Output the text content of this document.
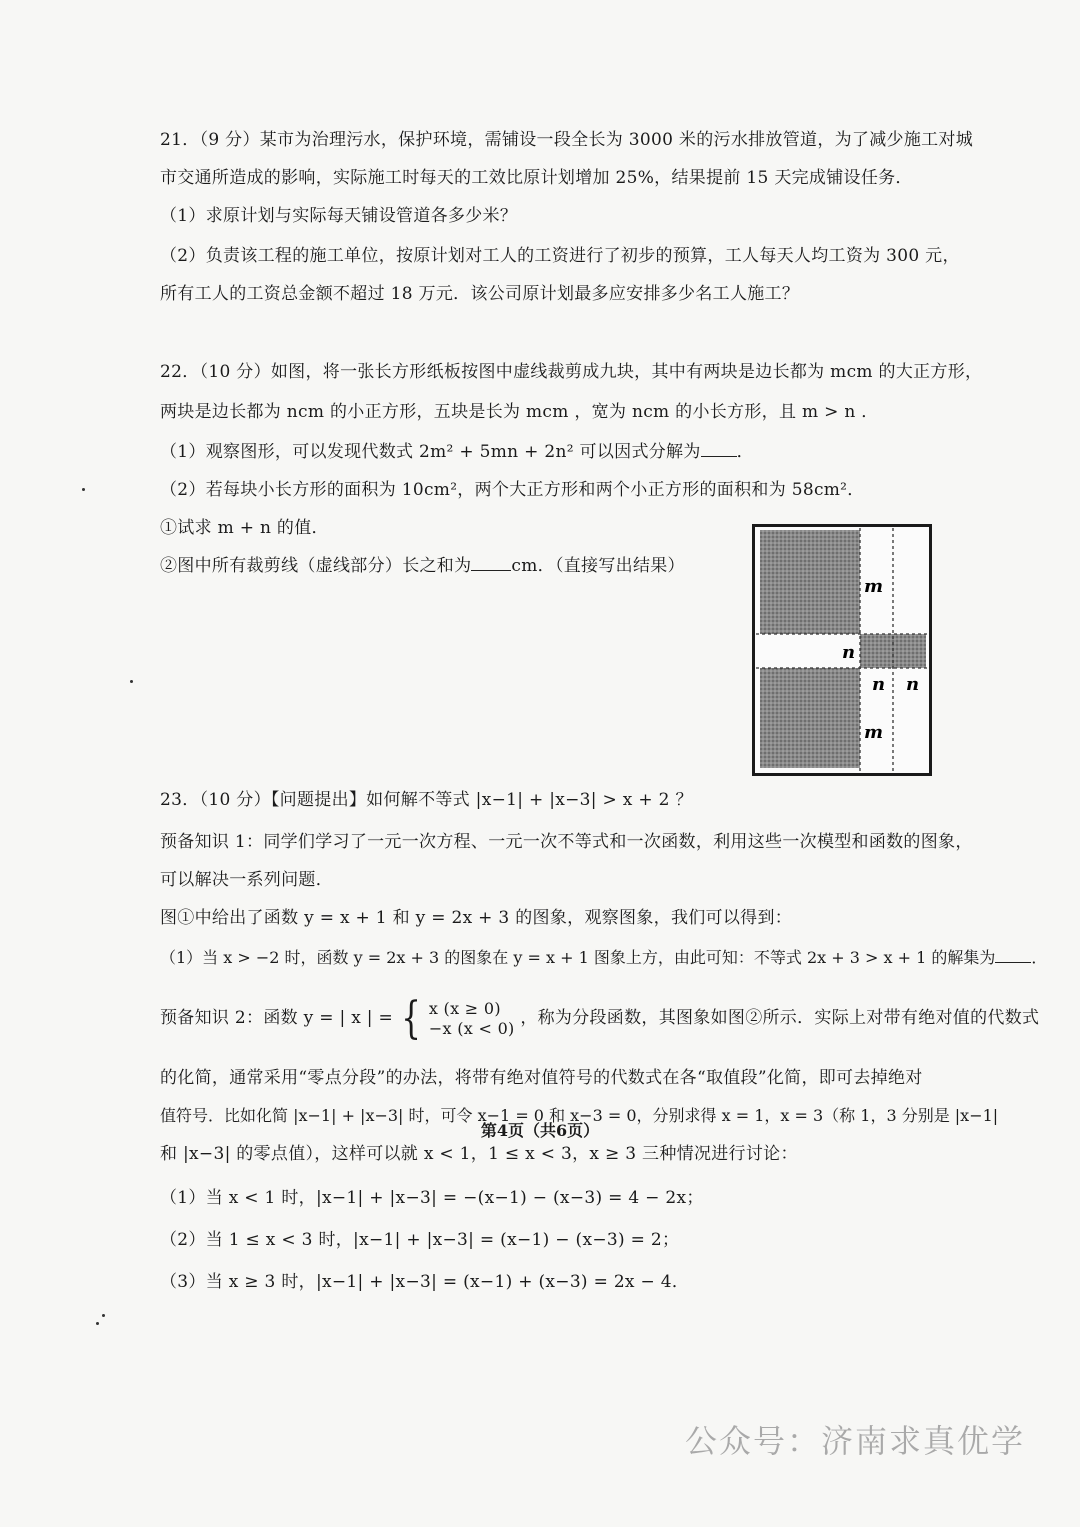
21．（9 分）某市为治理污水，保护环境，需铺设一段全长为 3000 米的污水排放管道，为了减少施工对城
市交通所造成的影响，实际施工时每天的工效比原计划增加 25%，结果提前 15 天完成铺设任务．
（1）求原计划与实际每天铺设管道各多少米？
（2）负责该工程的施工单位，按原计划对工人的工资进行了初步的预算，工人每天人均工资为 300 元，
所有工人的工资总金额不超过 18 万元．该公司原计划最多应安排多少名工人施工？
22．（10 分）如图，将一张长方形纸板按图中虚线裁剪成九块，其中有两块是边长都为 mcm 的大正方形，
两块是边长都为 ncm 的小正方形，五块是长为 mcm ，宽为 ncm 的小长方形，且 m > n ．
（1）观察图形，可以发现代数式 2m² + 5mn + 2n² 可以因式分解为 ．
（2）若每块小长方形的面积为 10cm²，两个大正方形和两个小正方形的面积和为 58cm²．
①试求 m + n 的值．
②图中所有裁剪线（虚线部分）长之和为 cm．（直接写出结果）
m
n
n n
m
23．（10 分）【问题提出】如何解不等式 |x−1| + |x−3| > x + 2 ？
预备知识 1：同学们学习了一元一次方程、一元一次不等式和一次函数，利用这些一次模型和函数的图象，
可以解决一系列问题．
图①中给出了函数 y = x + 1 和 y = 2x + 3 的图象，观察图象，我们可以得到：
（1）当 x > −2 时，函数 y = 2x + 3 的图象在 y = x + 1 图象上方，由此可知：不等式 2x + 3 > x + 1 的解集为 ．
预备知识 2：函数 y = | x | = { x (x ≥ 0)
−x (x < 0) ，称为分段函数，其图象如图②所示．实际上对带有绝对值的代数式
的化简，通常采用“零点分段”的办法，将带有绝对值符号的代数式在各“取值段”化简，即可去掉绝对
值符号．比如化简 |x−1| + |x−3| 时，可令 x−1 = 0 和 x−3 = 0，分别求得 x = 1，x = 3（称 1，3 分别是 |x−1|
和 |x−3| 的零点值），这样可以就 x < 1，1 ≤ x < 3，x ≥ 3 三种情况进行讨论：
（1）当 x < 1 时，|x−1| + |x−3| = −(x−1) − (x−3) = 4 − 2x；
（2）当 1 ≤ x < 3 时，|x−1| + |x−3| = (x−1) − (x−3) = 2；
（3）当 x ≥ 3 时，|x−1| + |x−3| = (x−1) + (x−3) = 2x − 4．
第4页（共6页）
公众号：济南求真优学
